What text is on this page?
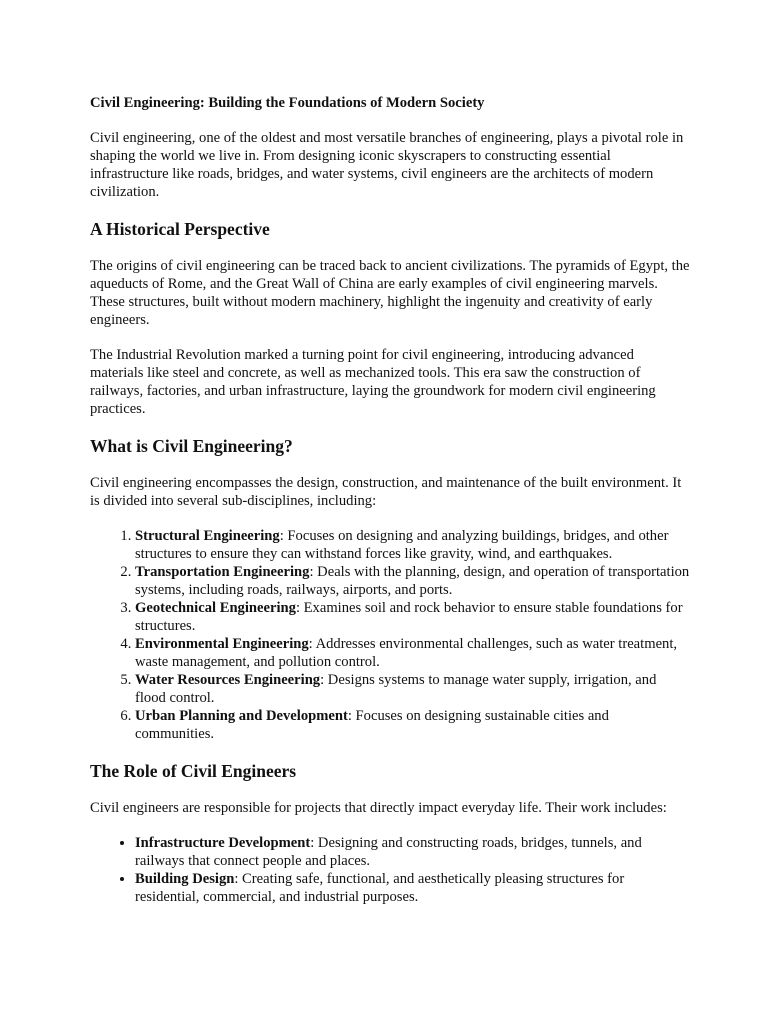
Civil Engineering: Building the Foundations of Modern Society

Civil engineering, one of the oldest and most versatile branches of engineering, plays a pivotal role in shaping the world we live in. From designing iconic skyscrapers to constructing essential infrastructure like roads, bridges, and water systems, civil engineers are the architects of modern civilization.

A Historical Perspective

The origins of civil engineering can be traced back to ancient civilizations. The pyramids of Egypt, the aqueducts of Rome, and the Great Wall of China are early examples of civil engineering marvels. These structures, built without modern machinery, highlight the ingenuity and creativity of early engineers.

The Industrial Revolution marked a turning point for civil engineering, introducing advanced materials like steel and concrete, as well as mechanized tools. This era saw the construction of railways, factories, and urban infrastructure, laying the groundwork for modern civil engineering practices.

What is Civil Engineering?

Civil engineering encompasses the design, construction, and maintenance of the built environment. It is divided into several sub-disciplines, including:

1. Structural Engineering: Focuses on designing and analyzing buildings, bridges, and other structures to ensure they can withstand forces like gravity, wind, and earthquakes.
2. Transportation Engineering: Deals with the planning, design, and operation of transportation systems, including roads, railways, airports, and ports.
3. Geotechnical Engineering: Examines soil and rock behavior to ensure stable foundations for structures.
4. Environmental Engineering: Addresses environmental challenges, such as water treatment, waste management, and pollution control.
5. Water Resources Engineering: Designs systems to manage water supply, irrigation, and flood control.
6. Urban Planning and Development: Focuses on designing sustainable cities and communities.
The Role of Civil Engineers

Civil engineers are responsible for projects that directly impact everyday life. Their work includes:

• Infrastructure Development: Designing and constructing roads, bridges, tunnels, and railways that connect people and places.
• Building Design: Creating safe, functional, and aesthetically pleasing structures for residential, commercial, and industrial purposes.
